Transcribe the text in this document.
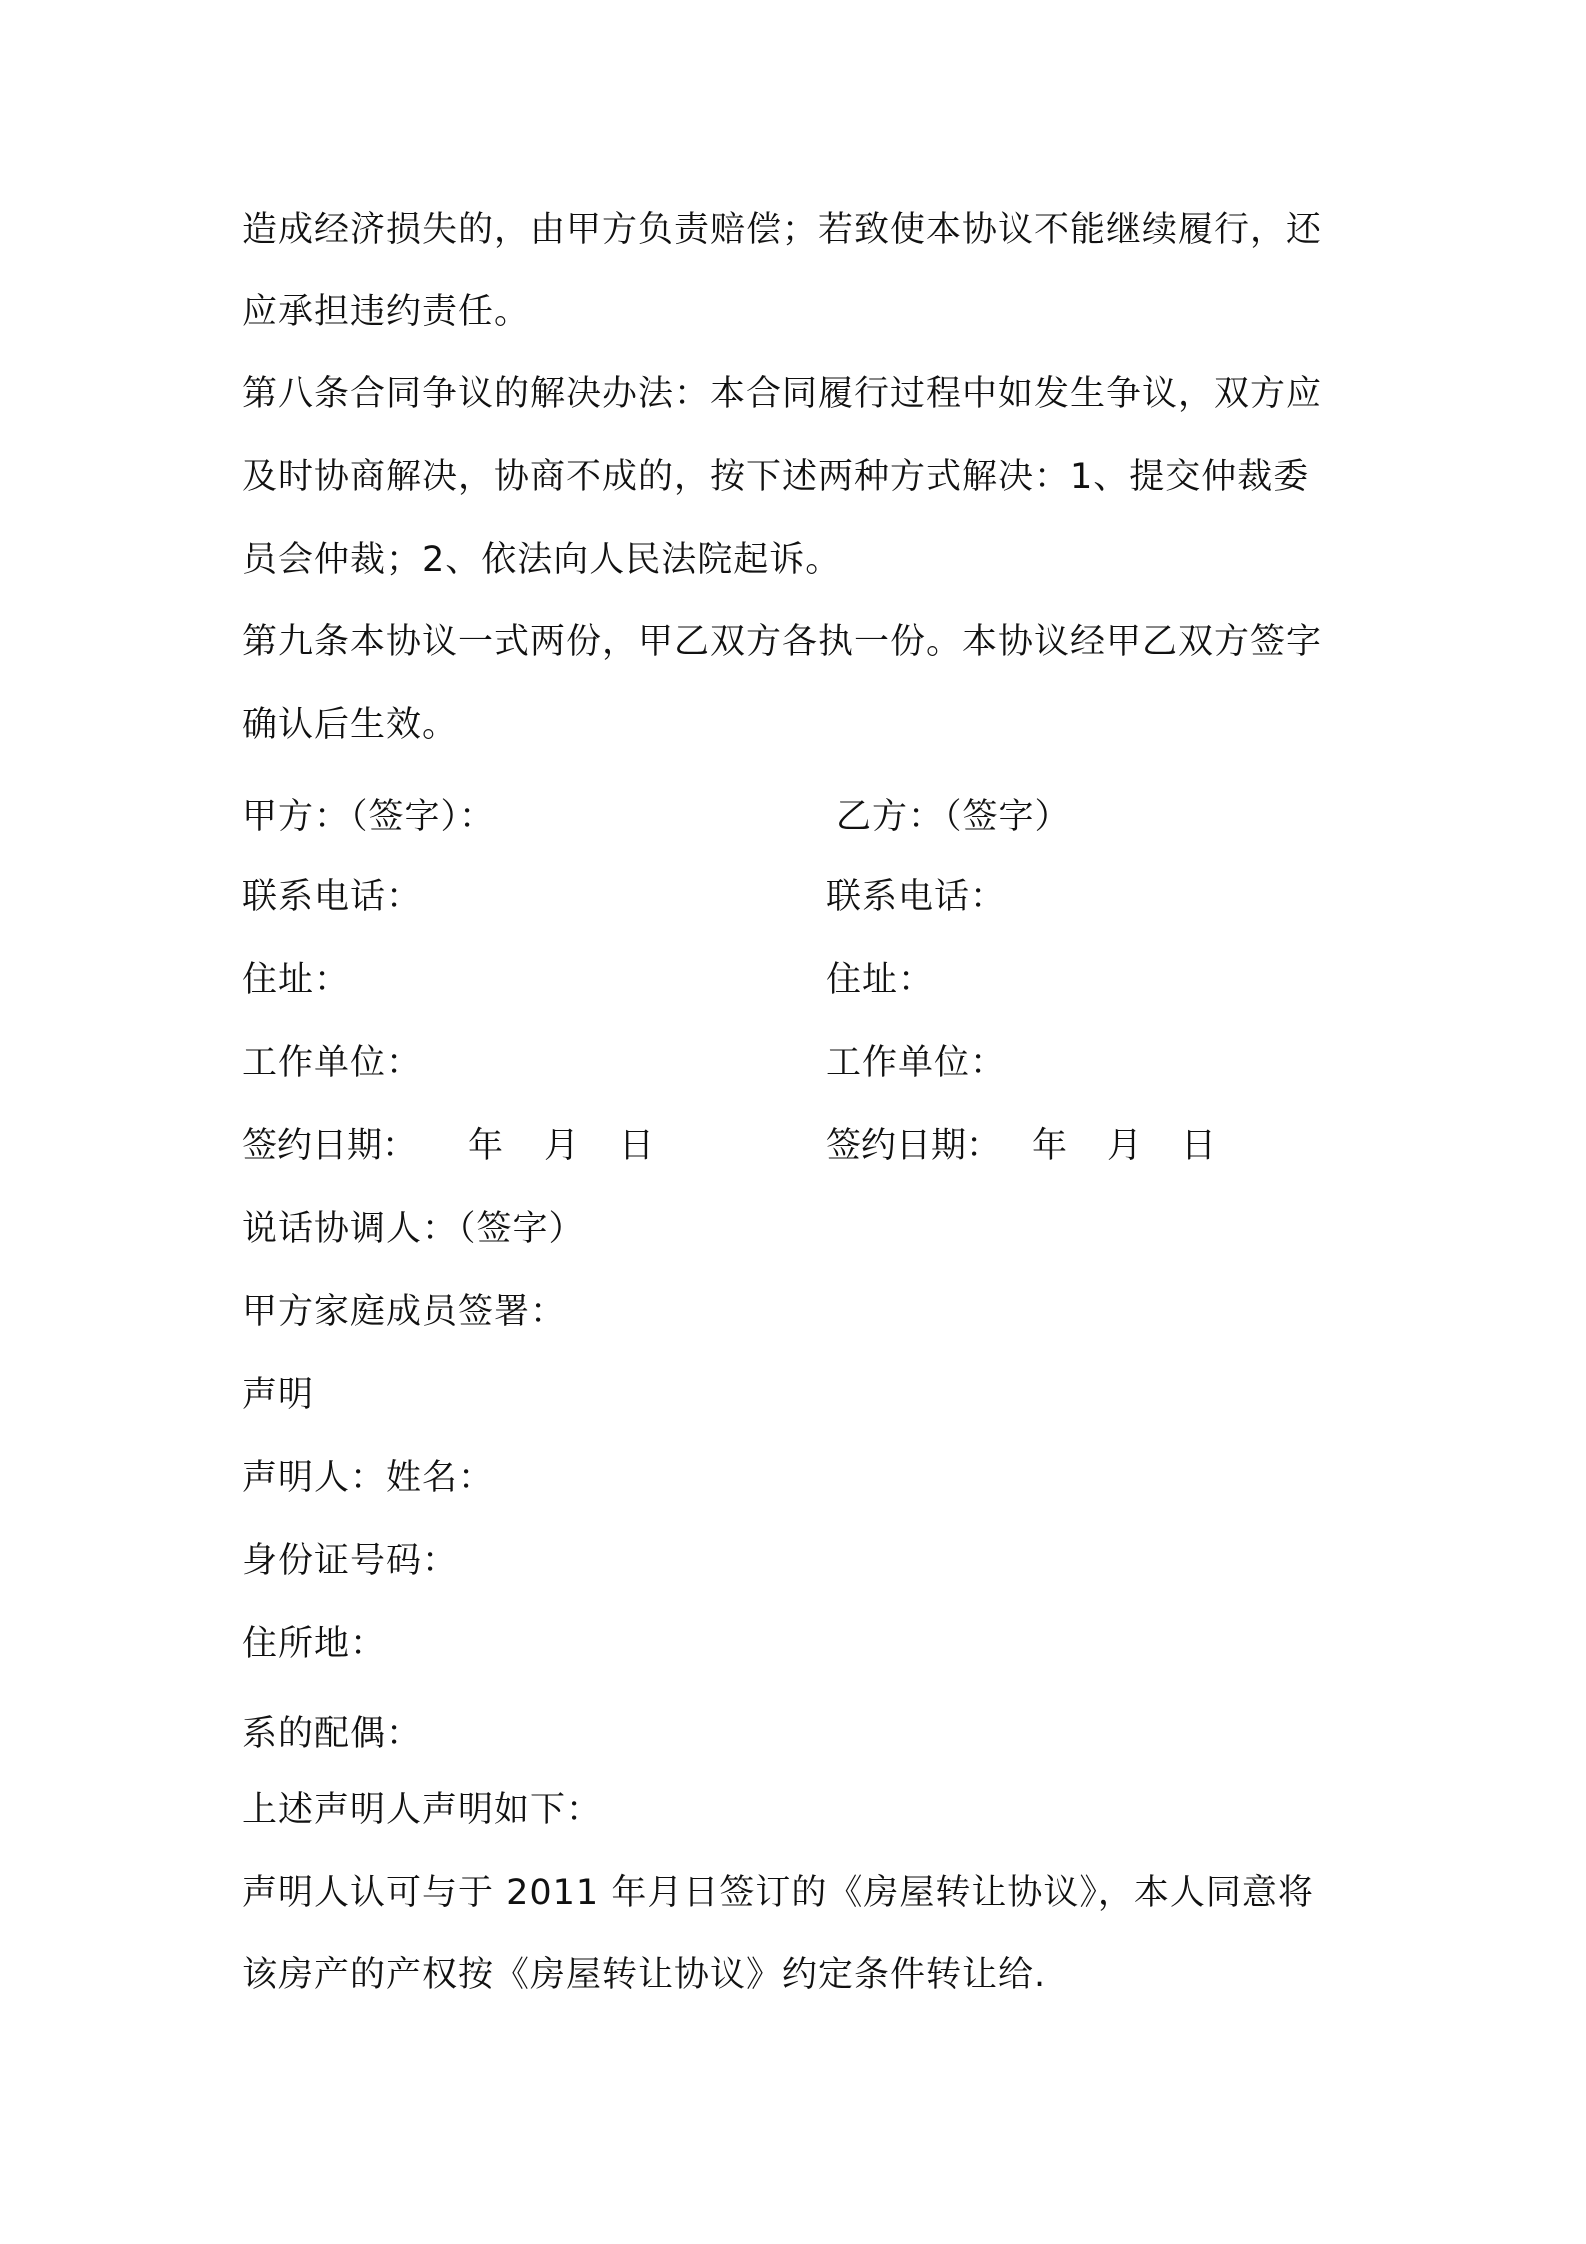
造成经济损失的，由甲方负责赔偿；若致使本协议不能继续履行，还
应承担违约责任。
第八条合同争议的解决办法：本合同履行过程中如发生争议，双方应
及时协商解决，协商不成的，按下述两种方式解决：1、提交仲裁委
员会仲裁；2、依法向人民法院起诉。
第九条本协议一式两份，甲乙双方各执一份。本协议经甲乙双方签字
确认后生效。
甲方：（签字）：	乙方：（签字）
联系电话：	联系电话：
住址：	住址：
工作单位：	工作单位：
签约日期： 年 月 日	签约日期： 年 月 日
说话协调人：（签字）
甲方家庭成员签署：
声明
声明人：姓名：
身份证号码：
住所地：
系的配偶：
上述声明人声明如下：
声明人认可与于 2011 年月日签订的《房屋转让协议》，本人同意将
该房产的产权按《房屋转让协议》约定条件转让给.
